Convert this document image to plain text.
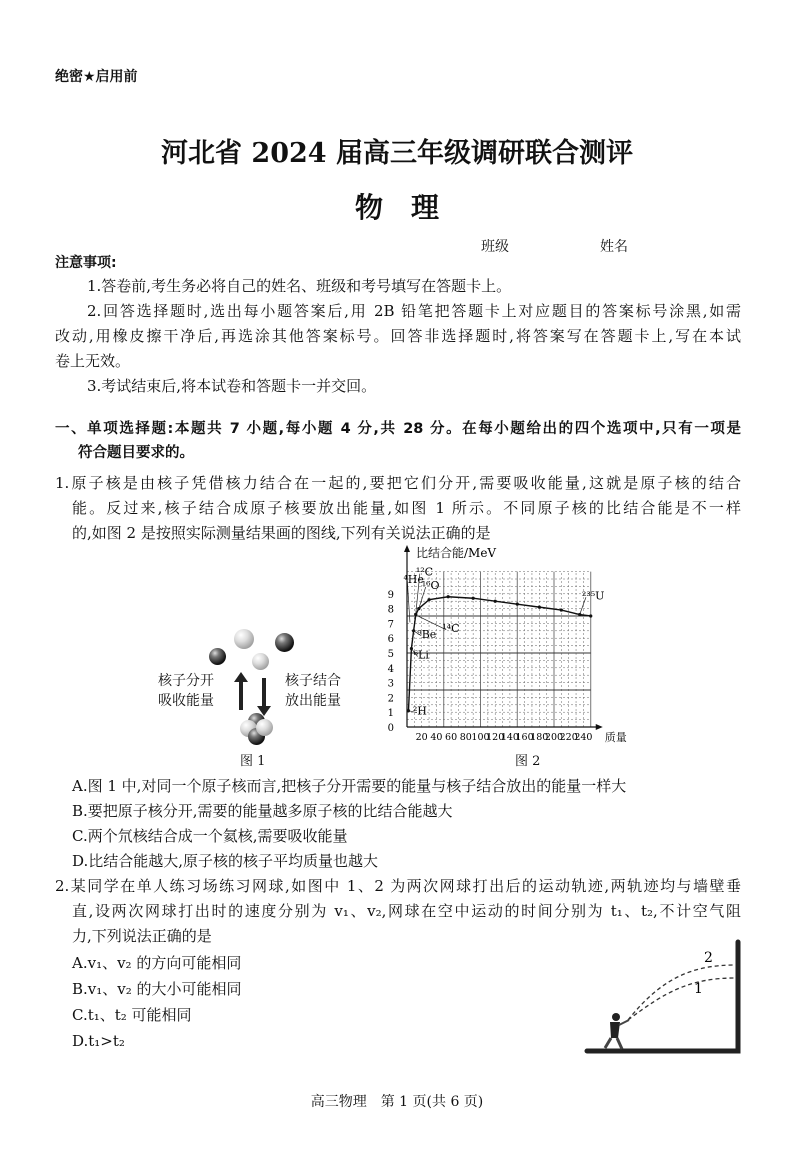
绝密★启用前
河北省 2024 届高三年级调研联合测评
物　理
班级	姓名
注意事项:
1.答卷前,考生务必将自己的姓名、班级和考号填写在答题卡上。
2.回答选择题时,选出每小题答案后,用 2B 铅笔把答题卡上对应题目的答案标号涂黑,如需
改动,用橡皮擦干净后,再选涂其他答案标号。回答非选择题时,将答案写在答题卡上,写在本试
卷上无效。
3.考试结束后,将本试卷和答题卡一并交回。
一、单项选择题:本题共 7 小题,每小题 4 分,共 28 分。在每小题给出的四个选项中,只有一项是
符合题目要求的。
1.原子核是由核子凭借核力结合在一起的,要把它们分开,需要吸收能量,这就是原子核的结合
能。反过来,核子结合成原子核要放出能量,如图 1 所示。不同原子核的比结合能是不一样
的,如图 2 是按照实际测量结果画的图线,下列有关说法正确的是
核子分开
吸收能量
核子结合
放出能量
图 1
20 40 60 80 100
120
140
160
180
200
220
240
0
1
2
3
4
5
6
7
8
9
比结合能/MeV
质量
²H
⁶Li
⁹Be
⁴He
¹²C
¹⁶O
¹⁴C
²³⁵U
图 2
A.图 1 中,对同一个原子核而言,把核子分开需要的能量与核子结合放出的能量一样大
B.要把原子核分开,需要的能量越多原子核的比结合能越大
C.两个氘核结合成一个氦核,需要吸收能量
D.比结合能越大,原子核的核子平均质量也越大
2.某同学在单人练习场练习网球,如图中 1、2 为两次网球打出后的运动轨迹,两轨迹均与墙壁垂
直,设两次网球打出时的速度分别为 v₁、v₂,网球在空中运动的时间分别为 t₁、t₂,不计空气阻
力,下列说法正确的是
A.v₁、v₂ 的方向可能相同
B.v₁、v₂ 的大小可能相同
C.t₁、t₂ 可能相同
D.t₁>t₂
2
1
高三物理　第 1 页(共 6 页)
